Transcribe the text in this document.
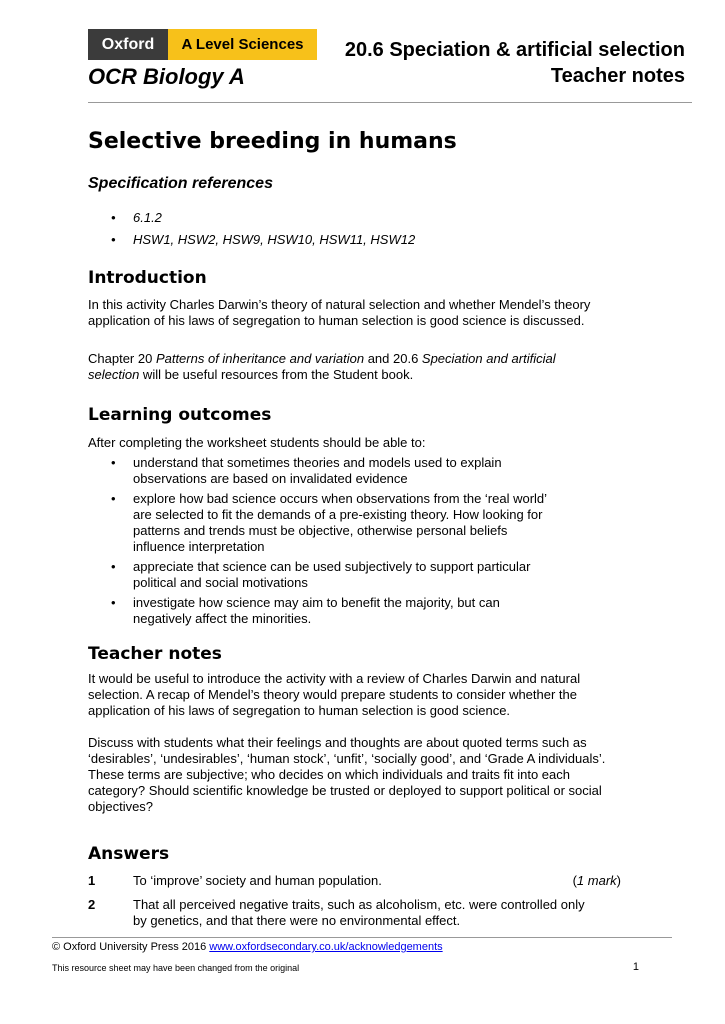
Oxford	A Level Sciences
OCR Biology A
20.6 Speciation & artificial selection
Teacher notes
Selective breeding in humans
Specification references
• 6.1.2
• HSW1, HSW2, HSW9, HSW10, HSW11, HSW12
Introduction

In this activity Charles Darwin’s theory of natural selection and whether Mendel’s theory application of his laws of segregation to human selection is good science is discussed.

Chapter 20 Patterns of inheritance and variation and 20.6 Speciation and artificial selection will be useful resources from the Student book.

Learning outcomes

After completing the worksheet students should be able to:

• understand that sometimes theories and models used to explain observations are based on invalidated evidence
• explore how bad science occurs when observations from the ‘real world’ are selected to fit the demands of a pre-existing theory. How looking for patterns and trends must be objective, otherwise personal beliefs influence interpretation
• appreciate that science can be used subjectively to support particular political and social motivations
• investigate how science may aim to benefit the majority, but can negatively affect the minorities.
Teacher notes

It would be useful to introduce the activity with a review of Charles Darwin and natural selection. A recap of Mendel’s theory would prepare students to consider whether the application of his laws of segregation to human selection is good science.

Discuss with students what their feelings and thoughts are about quoted terms such as ‘desirables’, ‘undesirables’, ‘human stock’, ‘unfit’, ‘socially good’, and ‘Grade A individuals’. These terms are subjective; who decides on which individuals and traits fit into each category? Should scientific knowledge be trusted or deployed to support political or social objectives?

Answers
1	To ‘improve’ society and human population.	(1 mark)
2	That all perceived negative traits, such as alcoholism, etc. were controlled only by genetics, and that there were no environmental effect.
© Oxford University Press 2016 www.oxfordsecondary.co.uk/acknowledgements
This resource sheet may have been changed from the original	1
